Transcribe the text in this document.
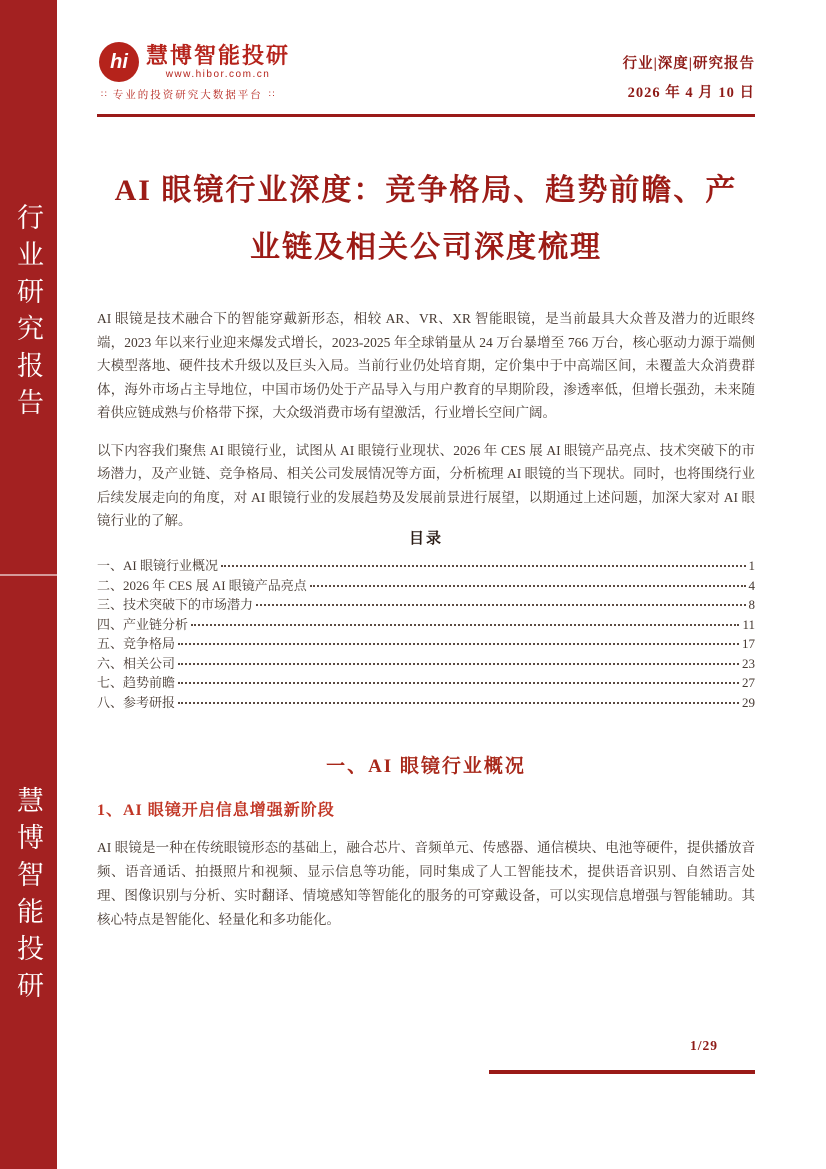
行业研究报告
慧博智能投研
hi 慧博智能投研
www.hibor.com.cn
∷ 专业的投资研究大数据平台 ∷
行业|深度|研究报告
2026 年 4 月 10 日
AI 眼镜行业深度：竞争格局、趋势前瞻、产
业链及相关公司深度梳理

AI 眼镜是技术融合下的智能穿戴新形态，相较 AR、VR、XR 智能眼镜，是当前最具大众普及潜力的近眼终端，2023 年以来行业迎来爆发式增长，2023-2025 年全球销量从 24 万台暴增至 766 万台，核心驱动力源于端侧大模型落地、硬件技术升级以及巨头入局。当前行业仍处培育期，定价集中于中高端区间，未覆盖大众消费群体，海外市场占主导地位，中国市场仍处于产品导入与用户教育的早期阶段，渗透率低，但增长强劲，未来随着供应链成熟与价格带下探，大众级消费市场有望激活，行业增长空间广阔。

以下内容我们聚焦 AI 眼镜行业，试图从 AI 眼镜行业现状、2026 年 CES 展 AI 眼镜产品亮点、技术突破下的市场潜力，及产业链、竞争格局、相关公司发展情况等方面，分析梳理 AI 眼镜的当下现状。同时，也将围绕行业后续发展走向的角度，对 AI 眼镜行业的发展趋势及发展前景进行展望，以期通过上述问题，加深大家对 AI 眼镜行业的了解。

目录
一、AI 眼镜行业概况	1
二、2026 年 CES 展 AI 眼镜产品亮点	4
三、技术突破下的市场潜力	8
四、产业链分析	11
五、竞争格局	17
六、相关公司	23
七、趋势前瞻	27
八、参考研报	29
一、AI 眼镜行业概况
1、AI 眼镜开启信息增强新阶段

AI 眼镜是一种在传统眼镜形态的基础上，融合芯片、音频单元、传感器、通信模块、电池等硬件，提供播放音频、语音通话、拍摄照片和视频、显示信息等功能，同时集成了人工智能技术，提供语音识别、自然语言处理、图像识别与分析、实时翻译、情境感知等智能化的服务的可穿戴设备，可以实现信息增强与智能辅助。其核心特点是智能化、轻量化和多功能化。

1/29
